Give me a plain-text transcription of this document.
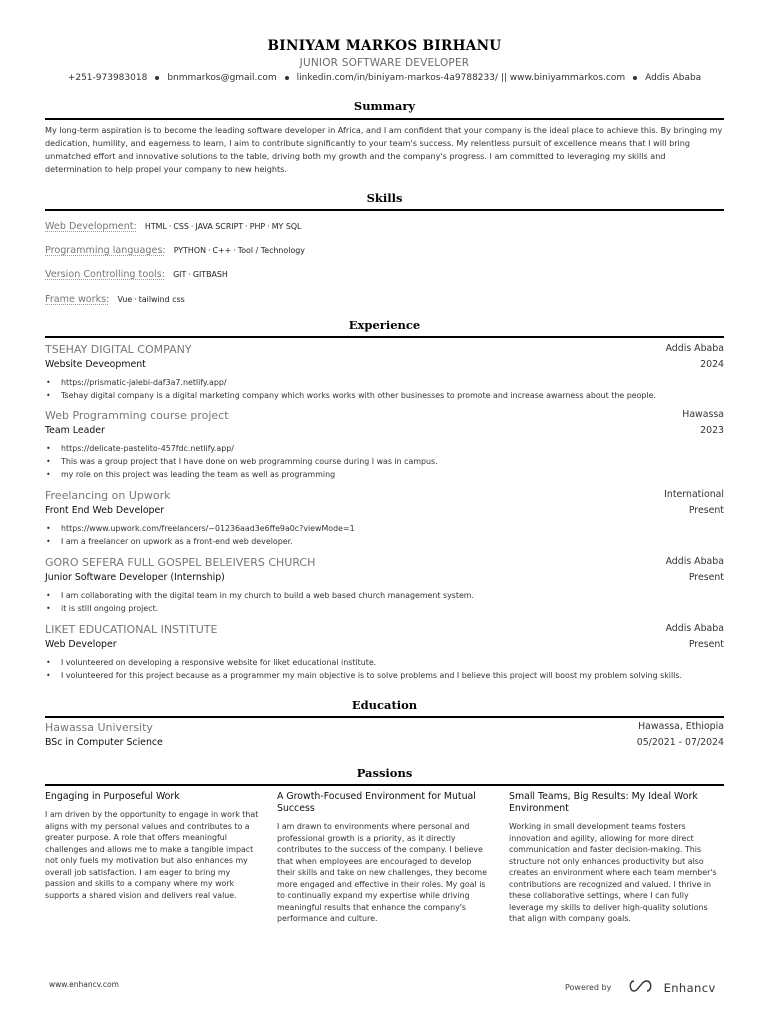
BINIYAM MARKOS BIRHANU
JUNIOR SOFTWARE DEVELOPER
+251-973983018 bnmmarkos@gmail.com linkedin.com/in/biniyam-markos-4a9788233/ || www.biniyammarkos.com Addis Ababa
Summary
My long-term aspiration is to become the leading software developer in Africa, and I am confident that your company is the ideal place to achieve this. By bringing my dedication, humility, and eagerness to learn, I aim to contribute significantly to your team's success. My relentless pursuit of excellence means that I will bring unmatched effort and innovative solutions to the table, driving both my growth and the company's progress. I am committed to leveraging my skills and determination to help propel your company to new heights.
Skills
Web Development: HTML · CSS · JAVA SCRIPT · PHP · MY SQL
Programming languages: PYTHON · C++ · Tool / Technology
Version Controlling tools: GIT · GITBASH
Frame works: Vue · tailwind css
Experience
TSEHAY DIGITAL COMPANY	Addis Ababa
Website Deveopment	2024
• https://prismatic-jalebi-daf3a7.netlify.app/
• Tsehay digital company is a digital marketing company which works works with other businesses to promote and increase awarness about the people.
Web Programming course project	Hawassa
Team Leader	2023
• https://delicate-pastelito-457fdc.netlify.app/
• This was a group project that I have done on web programming course during I was in campus.
• my role on this project was leading the team as well as programming
Freelancing on Upwork	International
Front End Web Developer	Present
• https://www.upwork.com/freelancers/~01236aad3e6ffe9a0c?viewMode=1
• I am a freelancer on upwork as a front-end web developer.
GORO SEFERA FULL GOSPEL BELEIVERS CHURCH	Addis Ababa
Junior Software Developer (Internship)	Present
• I am collaborating with the digital team in my church to build a web based church management system.
• it is still ongoing project.
LIKET EDUCATIONAL INSTITUTE	Addis Ababa
Web Developer	Present
• I volunteered on developing a responsive website for liket educational institute.
• I volunteered for this project because as a programmer my main objective is to solve problems and I believe this project will boost my problem solving skills.
Education
Hawassa University	Hawassa, Ethiopia
BSc in Computer Science	05/2021 - 07/2024
Passions
Engaging in Purposeful Work
I am driven by the opportunity to engage in work that aligns with my personal values and contributes to a greater purpose. A role that offers meaningful challenges and allows me to make a tangible impact not only fuels my motivation but also enhances my overall job satisfaction. I am eager to bring my passion and skills to a company where my work supports a shared vision and delivers real value.
A Growth-Focused Environment for Mutual Success
I am drawn to environments where personal and professional growth is a priority, as it directly contributes to the success of the company. I believe that when employees are encouraged to develop their skills and take on new challenges, they become more engaged and effective in their roles. My goal is to continually expand my expertise while driving meaningful results that enhance the company's performance and culture.
Small Teams, Big Results: My Ideal Work Environment
Working in small development teams fosters innovation and agility, allowing for more direct communication and faster decision-making. This structure not only enhances productivity but also creates an environment where each team member's contributions are recognized and valued. I thrive in these collaborative settings, where I can fully leverage my skills to deliver high-quality solutions that align with company goals.
www.enhancv.com	Powered by	Enhancv
